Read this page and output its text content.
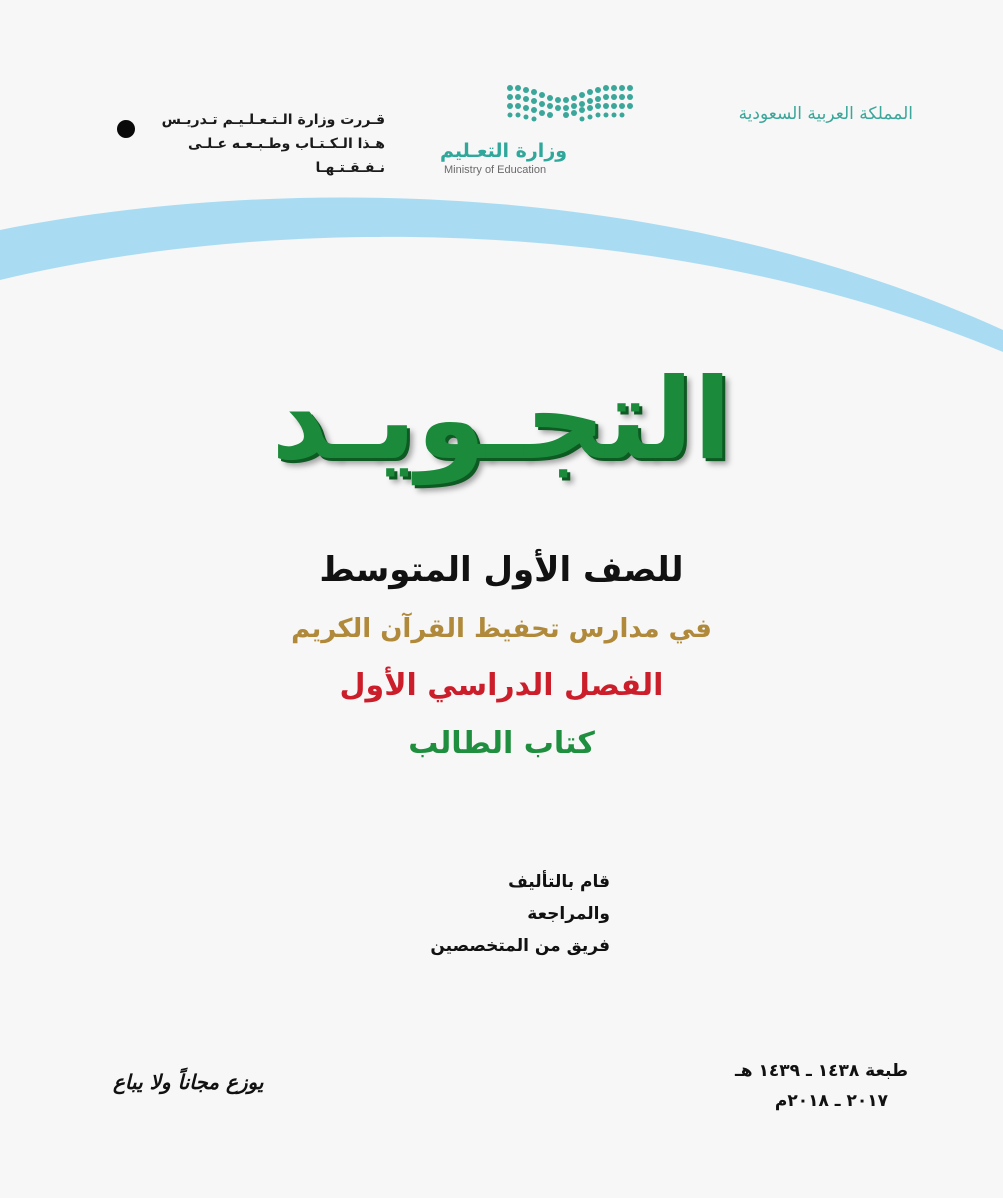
المملكة العربية السعودية
وزارة التعـليم
Ministry of Education
قـررت وزارة الـتـعـلـيـم تـدريـس
هـذا الـكـتـاب وطـبـعـه عـلـى نـفـقـتـهـا
التجـويـد
للصف الأول المتوسط
في مدارس تحفيظ القرآن الكريم
الفصل الدراسي الأول
كتاب الطالب
قام بالتأليف والمراجعة
فريق من المتخصصين
طبعة ١٤٣٨ ـ ١٤٣٩ هـ
٢٠١٧ ـ ٢٠١٨م
يوزع مجاناً ولا يباع
